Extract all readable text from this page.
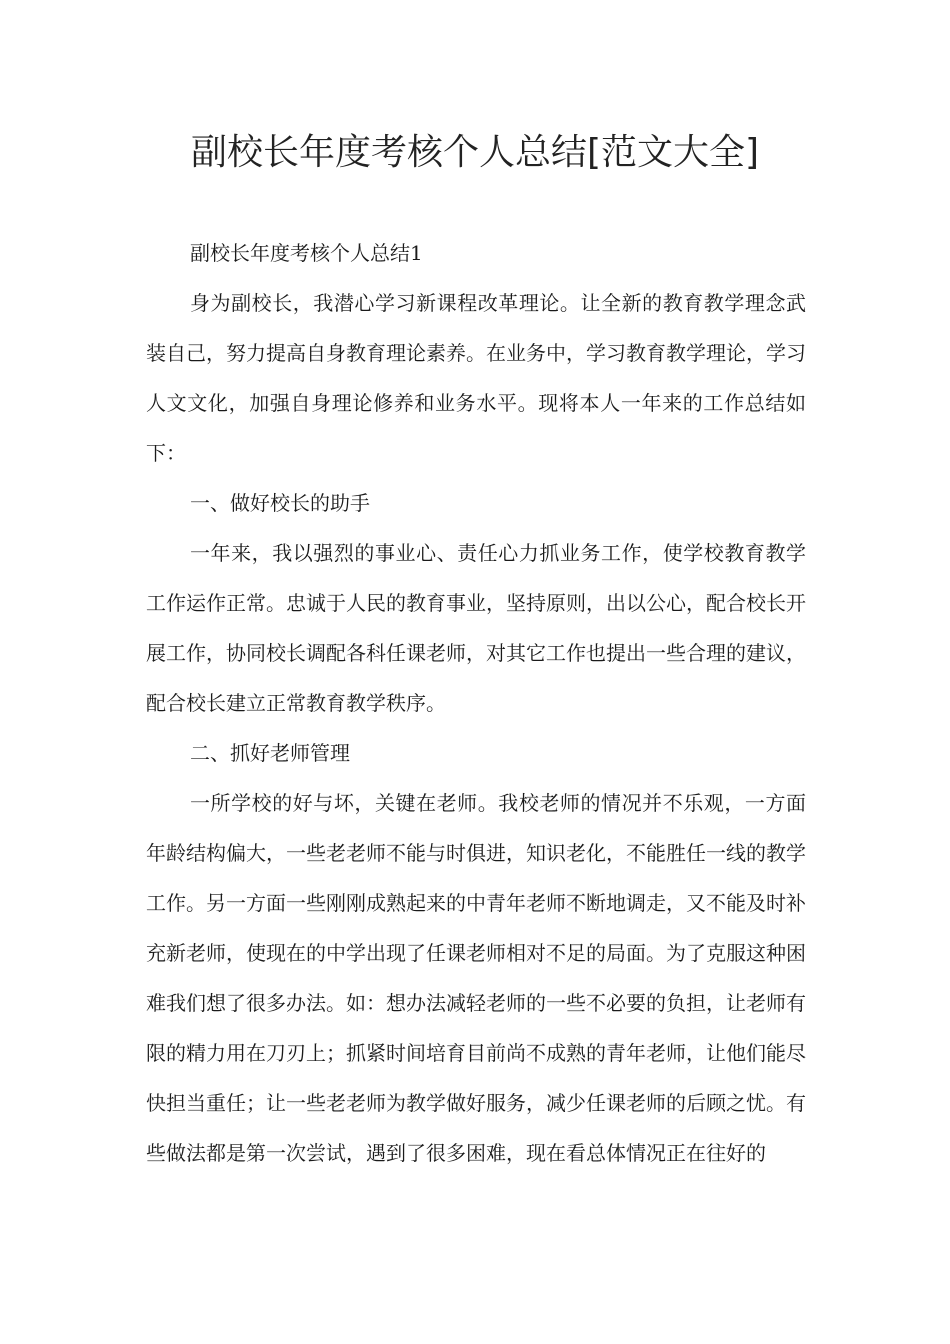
副校长年度考核个人总结[范文大全]

副校长年度考核个人总结1

身为副校长，我潜心学习新课程改革理论。让全新的教育教学理念武装自己，努力提高自身教育理论素养。在业务中，学习教育教学理论，学习人文文化，加强自身理论修养和业务水平。现将本人一年来的工作总结如下：

一、做好校长的助手

一年来，我以强烈的事业心、责任心力抓业务工作，使学校教育教学工作运作正常。忠诚于人民的教育事业，坚持原则，出以公心，配合校长开展工作，协同校长调配各科任课老师，对其它工作也提出一些合理的建议，配合校长建立正常教育教学秩序。

二、抓好老师管理

一所学校的好与坏，关键在老师。我校老师的情况并不乐观，一方面年龄结构偏大，一些老老师不能与时俱进，知识老化，不能胜任一线的教学工作。另一方面一些刚刚成熟起来的中青年老师不断地调走，又不能及时补充新老师，使现在的中学出现了任课老师相对不足的局面。为了克服这种困难我们想了很多办法。如：想办法减轻老师的一些不必要的负担，让老师有限的精力用在刀刃上；抓紧时间培育目前尚不成熟的青年老师，让他们能尽快担当重任；让一些老老师为教学做好服务，减少任课老师的后顾之忧。有些做法都是第一次尝试，遇到了很多困难，现在看总体情况正在往好的
